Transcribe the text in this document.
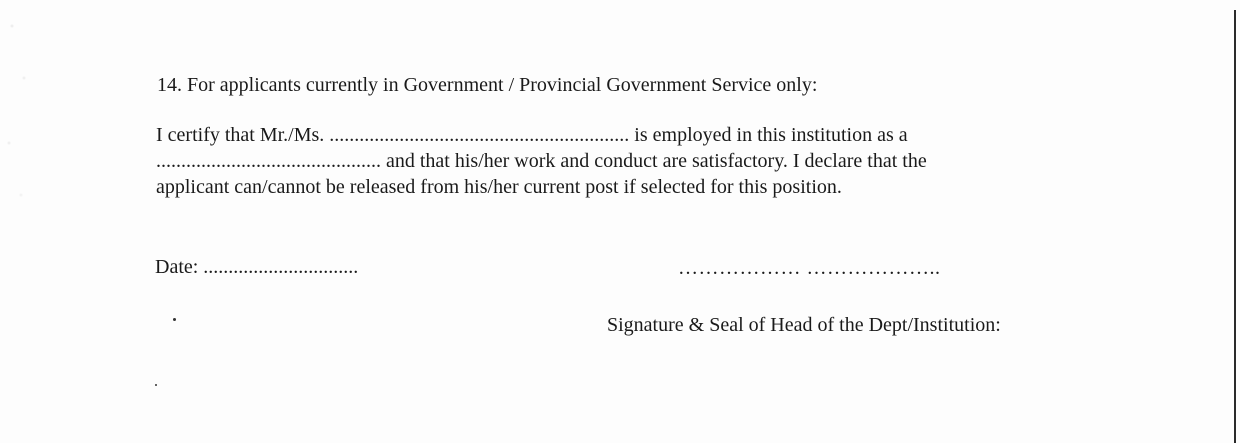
14. For applicants currently in Government / Provincial Government Service only:
I certify that Mr./Ms. ............................................................ is employed in this institution as a
............................................. and that his/her work and conduct are satisfactory. I declare that the
applicant can/cannot be released from his/her current post if selected for this position.
Date: ...............................	……………… ………………..
Signature & Seal of Head of the Dept/Institution:
